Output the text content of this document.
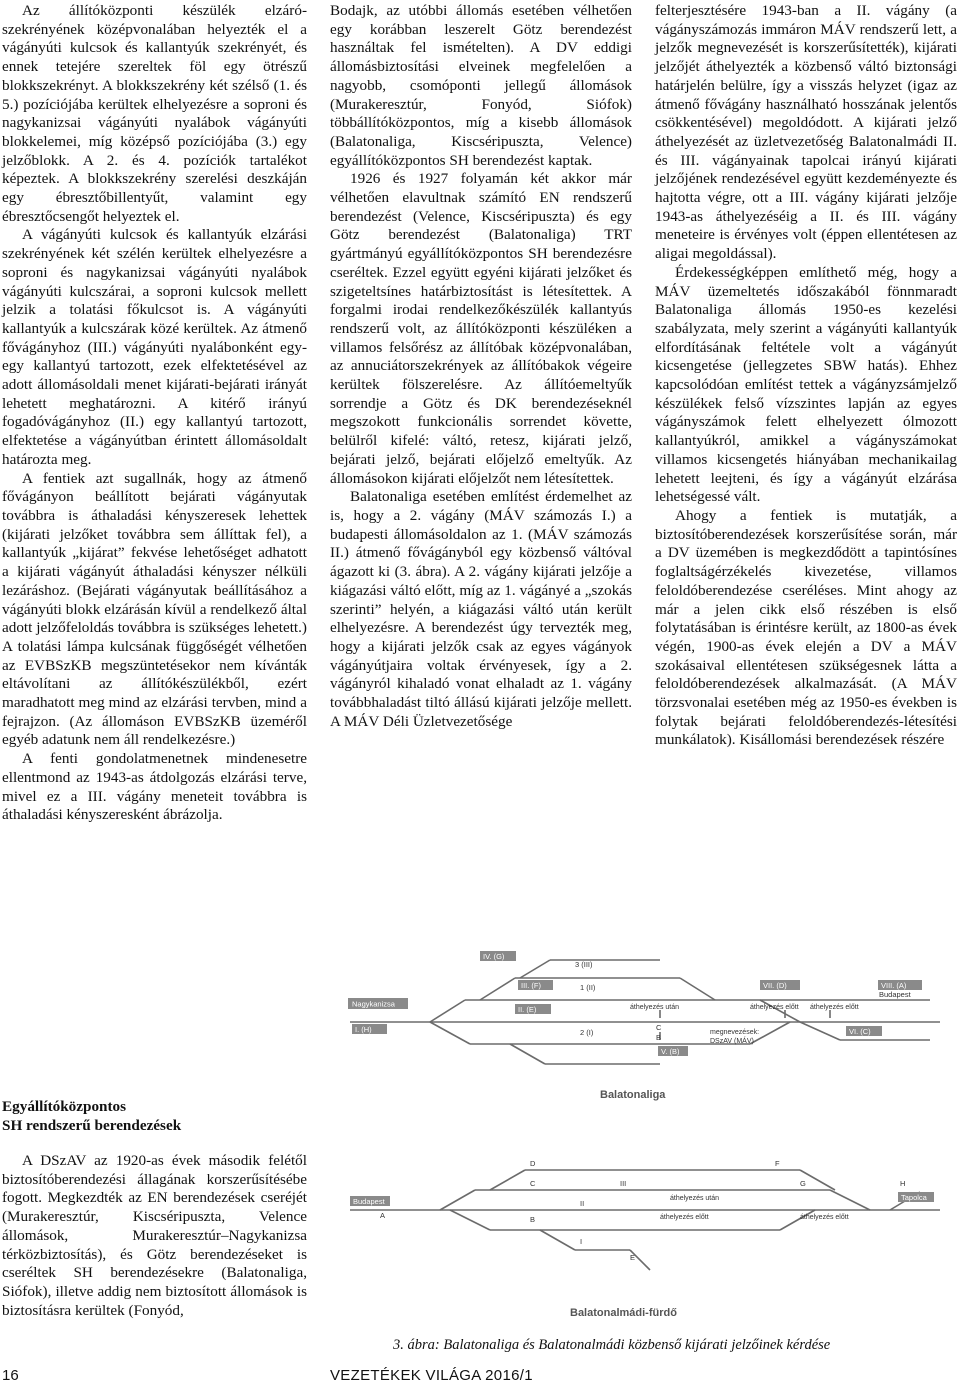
Az állítóközponti készülék elzáró-szekrényének középvonalában helyezték el a vágányúti kulcsok és kallantyúk szekrényét, és ennek tetejére szereltek föl egy ötrészű blokkszekrényt. A blokkszekrény két szélső (1. és 5.) pozíciójába kerültek elhelyezésre a soproni és nagykanizsai vágányúti nyalábok vágányúti blokkelemei, míg középső pozíciójába (3.) egy jelzőblokk. A 2. és 4. pozíciók tartalékot képeztek. A blokkszekrény szerelési deszkáján egy ébresztőbillentyűt, valamint egy ébresztőcsengőt helyeztek el.

A vágányúti kulcsok és kallantyúk elzárási szekrényének két szélén kerültek elhelyezésre a soproni és nagykanizsai vágányúti nyalábok vágányúti kulcszárai, a soproni kulcsok mellett jelzik a tolatási főkulcsot is. A vágányúti kallantyúk a kulcszárak közé kerültek. Az átmenő fővágányhoz (III.) vágányúti nyalábonként egy-egy kallantyú tartozott, ezek elfektetésével az adott állomásoldali menet kijárati-bejárati irányát lehetett meghatározni. A kitérő irányú fogadóvágányhoz (II.) egy kallantyú tartozott, elfektetése a vágányútban érintett állomásoldalt határozta meg.

A fentiek azt sugallnák, hogy az átmenő fővágányon beállított bejárati vágányutak továbbra is áthaladási kényszeresek lehettek (kijárati jelzőket továbbra sem állíttak fel), a kallantyúk „kijárat” fekvése lehetőséget adhatott a kijárati vágányút áthaladási kényszer nélküli lezáráshoz. (Bejárati vágányutak beállításához a vágányúti blokk elzárásán kívül a rendelkező által adott jelzőfeloldás továbbra is szükséges lehetett.) A tolatási lámpa kulcsának függőségét vélhetően az EVBSzKB megszüntetésekor nem kívánták eltávolítani az állítókészülékből, ezért maradhatott meg mind az elzárási tervben, mind a fejrajzon. (Az állomáson EVBSzKB üzeméről egyéb adatunk nem áll rendelkezésre.)

A fenti gondolatmenetnek mindenesetre ellentmond az 1943-as átdolgozás elzárási terve, mivel ez a III. vágány meneteit továbbra is áthaladási kényszeresként ábrázolja.

Egyállítóközpontos
SH rendszerű berendezések

A DSzAV az 1920-as évek második felétől biztosítóberendezési állagának korszerűsítésébe fogott. Megkezdték az EN berendezések cseréjét (Murakeresztúr, Kiscséripuszta, Velence állomások, Murakeresztúr–Nagykanizsa térközbiztosítás), és Götz berendezéseket is cseréltek SH berendezésekre (Balatonaliga, Siófok), illetve addig nem biztosított állomások is biztosításra kerültek (Fonyód,

Bodajk, az utóbbi állomás esetében vélhetően egy korábban leszerelt Götz berendezést használtak fel ismételten). A DV eddigi állomásbiztosítási elveinek megfelelően a nagyobb, csomóponti jellegű állomások (Murakeresztúr, Fonyód, Siófok) többállítóközpontos, míg a kisebb állomások (Balatonaliga, Kiscséripuszta, Velence) egyállítóközpontos SH berendezést kaptak.

1926 és 1927 folyamán két akkor már vélhetően elavultnak számító EN rendszerű berendezést (Velence, Kiscséripuszta) és egy Götz berendezést (Balatonaliga) TRT gyártmányú egyállítóközpontos SH berendezésre cseréltek. Ezzel együtt egyéni kijárati jelzőket és szigeteltsínes határbiztosítást is létesítettek. A forgalmi irodai rendelkezőkészülék kallantyús rendszerű volt, az állítóközponti készüléken a villamos felsőrész az állítóbak középvonalában, az annuciátorszekrények az állítóbakok végeire kerültek fölszerelésre. Az állítóemeltyűk sorrendje a Götz és DK berendezéseknél megszokott funkcionális sorrendet követte, belülről kifelé: váltó, retesz, kijárati jelző, bejárati jelző, bejárati előjelző emeltyűk. Az állomásokon kijárati előjelzőt nem létesítettek.

Balatonaliga esetében említést érdemelhet az is, hogy a 2. vágány (MÁV számozás I.) a budapesti állomásoldalon az 1. (MÁV számozás II.) átmenő fővágányból egy közbenső váltóval ágazott ki (3. ábra). A 2. vágány kijárati jelzője a kiágazási váltó előtt, míg az 1. vágányé a „szokás szerinti” helyén, a kiágazási váltó után került elhelyezésre. A berendezést úgy tervezték meg, hogy a kijárati jelzők csak az egyes vágányok vágányútjaira voltak érvényesek, így a 2. vágányról kihaladó vonat elhaladt az 1. vágány továbbhaladást tiltó állású kijárati jelzője mellett. A MÁV Déli Üzletvezetősége

felterjesztésére 1943-ban a II. vágány (a vágányszámozás immáron MÁV rendszerű lett, a jelzők megnevezését is korszerűsítették), kijárati jelzőjét áthelyezték a közbenső váltó biztonsági határjelén belülre, így a visszás helyzet (igaz az átmenő fővágány használható hosszának jelentős csökkentésével) megoldódott. A kijárati jelző áthelyezését az üzletvezetőség Balatonalmádi II. és III. vágányainak tapolcai irányú kijárati jelzőjének rendezésével együtt kezdeményezte és hajtotta végre, ott a III. vágány kijárati jelzője 1943-as áthelyezéséig a II. és III. vágány meneteire is érvényes volt (éppen ellentétesen az aligai megoldással).

Érdekességképpen említhető még, hogy a MÁV üzemeltetés időszakából fönnmaradt Balatonaliga állomás 1950-es kezelési szabályzata, mely szerint a vágányúti kallantyúk elfordításának feltétele volt a vágányút kicsengetése (jellegzetes SBW hatás). Ehhez kapcsolódóan említést tettek a vágányzsámjelző készülékek felső vízszintes lapján az egyes vágányszámok felett elhelyezett ólmozott kallantyúkról, amikkel a vágányszámokat villamos kicsengetés hiányában mechanikailag lehetett leejteni, és így a vágányút elzárása lehetségessé vált.

Ahogy a fentiek is mutatják, a biztosítóberendezések korszerűsítése során, már a DV üzemében is megkezdődött a tapintósínes foglaltságérzékelés kivezetése, villamos feloldóberendezése cseréléses. Mint ahogy az már a jelen cikk első részében is első folytatásában is érintésre került, az 1800-as évek végén, 1900-as évek elején a DV a MÁV szokásaival ellentétesen szükségesnek látta a feloldóberendezések alkalmazását. (A MÁV törzsvonalai esetében még az 1950-es években is folytak bejárati feloldóberendezés-létesítési munkálatok). Kisállomási berendezések részére

Nagykanizsa
I. (H)
IV. (G)
III. (F)
3 (III)
1 (II)
II. (E)
2 (I)
V. (B)
VII. (D)	VIII. (A)
Budapest
VI. (C)
áthelyezés után	áthelyezés előtt áthelyezés előtt
C
B
megnevezések:
DSzAV (MÁV)
Balatonaliga
Budapest
D
C
A	B
II
I
III	G
F
E
H
Tapolca
áthelyezés után
áthelyezés előtt	áthelyezés előtt
Balatonalmádi-fürdő
3. ábra: Balatonaliga és Balatonalmádi közbenső kijárati jelzőinek kérdése
16	VEZETÉKEK VILÁGA 2016/1
